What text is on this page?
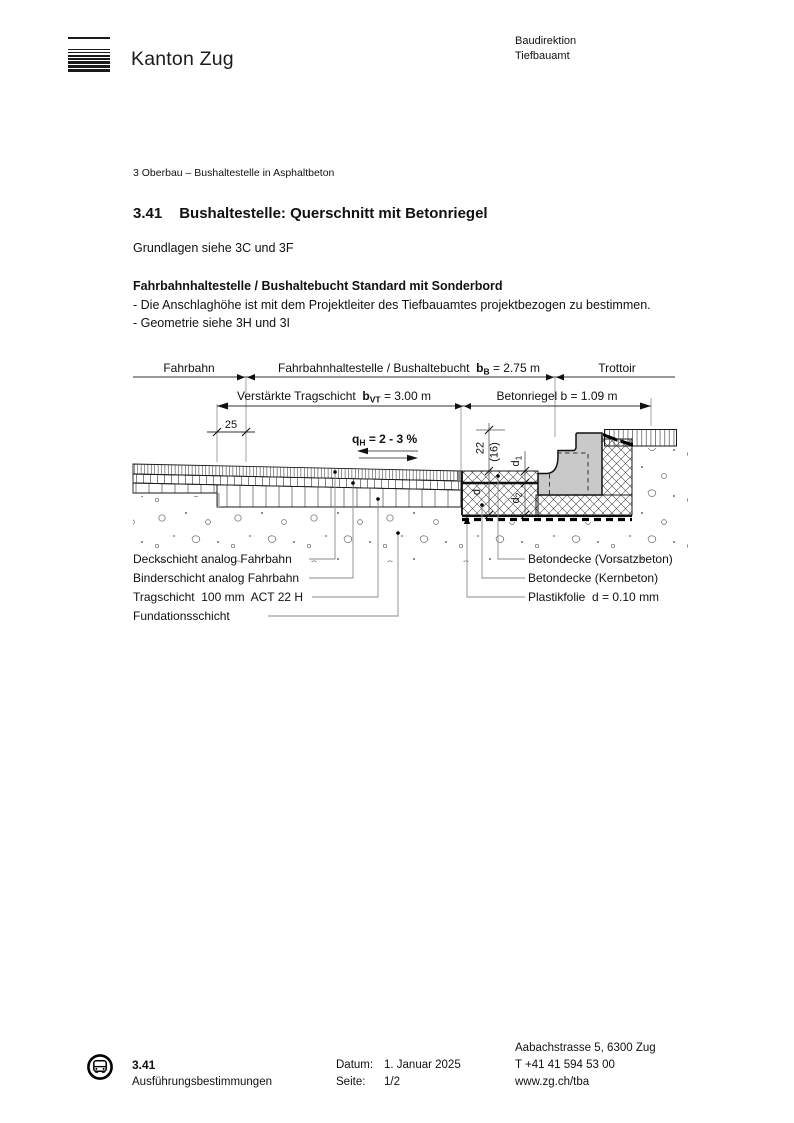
Kanton Zug
Baudirektion
Tiefbauamt
3 Oberbau – Bushaltestelle in Asphaltbeton
3.41 Bushaltestelle: Querschnitt mit Betonriegel
Grundlagen siehe 3C und 3F
Fahrbahnhaltestelle / Bushaltebucht Standard mit Sonderbord
- Die Anschlaghöhe ist mit dem Projektleiter des Tiefbauamtes projektbezogen zu bestimmen.
- Geometrie siehe 3H und 3I
Fahrbahn	Fahrbahnhaltestelle / Bushaltebucht  $b_B = 2.75$ m	Trottoir
Verstärkte Tragschicht  $b_{VT} = 3.00$ m	Betonriegel b = 1.09 m
25
$q_H = 2 - 3$ %
22 (16)
d
$d_1$
$d_2$
Deckschicht analog Fahrbahn
Binderschicht analog Fahrbahn
Tragschicht  100 mm  ACT 22 H
Fundationsschicht
Betondecke (Vorsatzbeton)
Betondecke (Kernbeton)
Plastikfolie  d = 0.10 mm
3.41
Ausführungsbestimmungen
Datum: 1. Januar 2025
Seite: 1/2
Aabachstrasse 5, 6300 Zug
T +41 41 594 53 00
www.zg.ch/tba
